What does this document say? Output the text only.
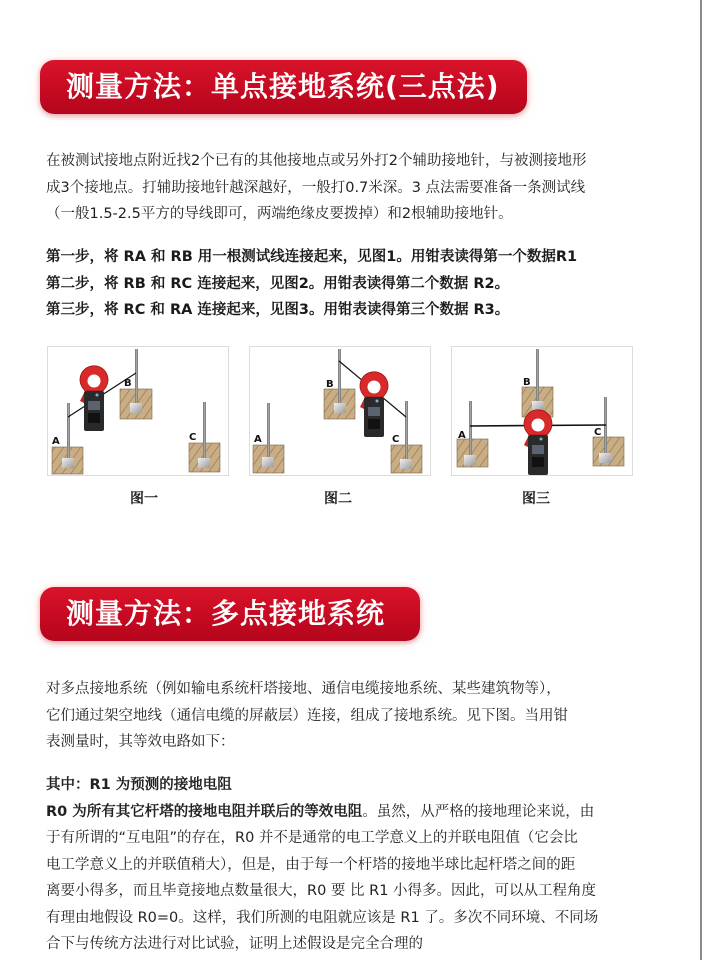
测量方法：单点接地系统(三点法)
在被测试接地点附近找2个已有的其他接地点或另外打2个辅助接地针，与被测接地形
成3个接地点。打辅助接地针越深越好，一般打0.7米深。3 点法需要准备一条测试线
（一般1.5-2.5平方的导线即可，两端绝缘皮要拨掉）和2根辅助接地针。
第一步，将 RA 和 RB 用一根测试线连接起来，见图1。用钳表读得第一个数据R1
第二步，将 RB 和 RC 连接起来，见图2。用钳表读得第二个数据 R2。
第三步，将 RC 和 RA 连接起来，见图3。用钳表读得第三个数据 R3。
B
A	C
B
A	C
B
A	C
图一	图二	图三
测量方法：多点接地系统
对多点接地系统（例如输电系统杆塔接地、通信电缆接地系统、某些建筑物等），
它们通过架空地线（通信电缆的屏蔽层）连接，组成了接地系统。见下图。当用钳
表测量时，其等效电路如下：
其中：R1 为预测的接地电阻
R0 为所有其它杆塔的接地电阻并联后的等效电阻。虽然，从严格的接地理论来说，由
于有所谓的“互电阻”的存在，R0 并不是通常的电工学意义上的并联电阻值（它会比
电工学意义上的并联值稍大），但是，由于每一个杆塔的接地半球比起杆塔之间的距
离要小得多，而且毕竟接地点数量很大，R0 要 比 R1 小得多。因此，可以从工程角度
有理由地假设 R0=0。这样，我们所测的电阻就应该是 R1 了。多次不同环境、不同场
合下与传统方法进行对比试验，证明上述假设是完全合理的
